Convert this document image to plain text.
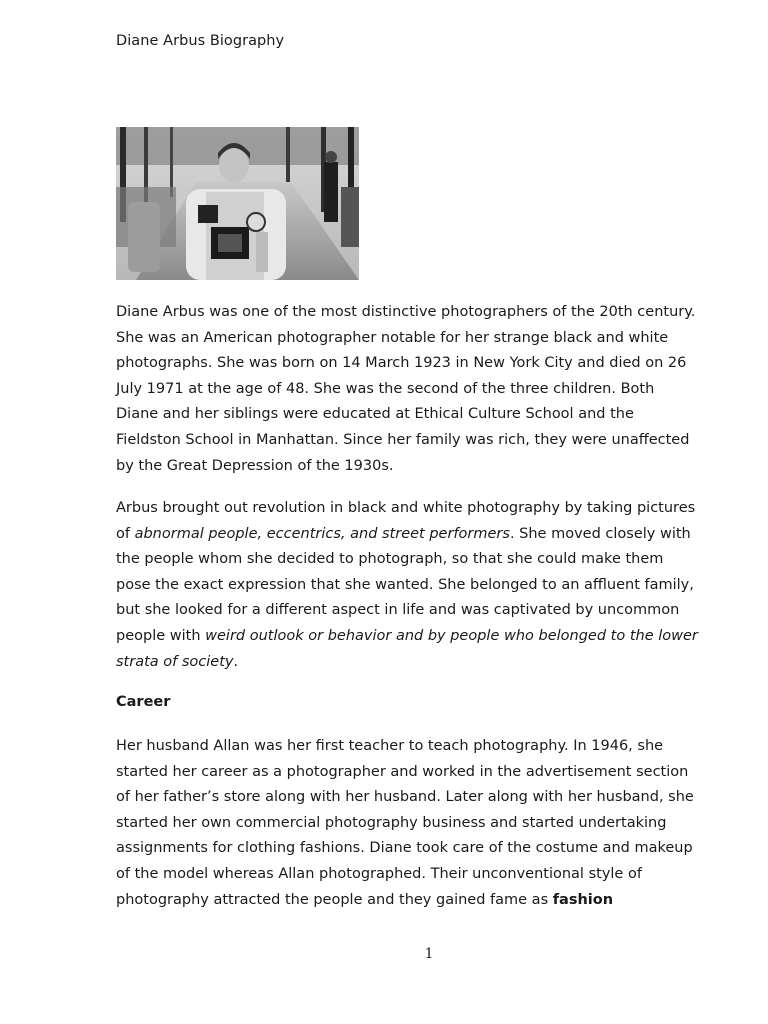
Diane Arbus Biography
Diane Arbus was one of the most distinctive photographers of the 20th century.
She was an American photographer notable for her strange black and white
photographs. She was born on 14 March 1923 in New York City and died on 26
July 1971 at the age of 48. She was the second of the three children. Both
Diane and her siblings were educated at Ethical Culture School and the
Fieldston School in Manhattan. Since her family was rich, they were unaffected
by the Great Depression of the 1930s.
Arbus brought out revolution in black and white photography by taking pictures
of abnormal people, eccentrics, and street performers. She moved closely with
the people whom she decided to photograph, so that she could make them
pose the exact expression that she wanted. She belonged to an affluent family,
but she looked for a different aspect in life and was captivated by uncommon
people with weird outlook or behavior and by people who belonged to the lower
strata of society.
Career
Her husband Allan was her first teacher to teach photography. In 1946, she
started her career as a photographer and worked in the advertisement section
of her father’s store along with her husband. Later along with her husband, she
started her own commercial photography business and started undertaking
assignments for clothing fashions. Diane took care of the costume and makeup
of the model whereas Allan photographed. Their unconventional style of
photography attracted the people and they gained fame as fashion
1
